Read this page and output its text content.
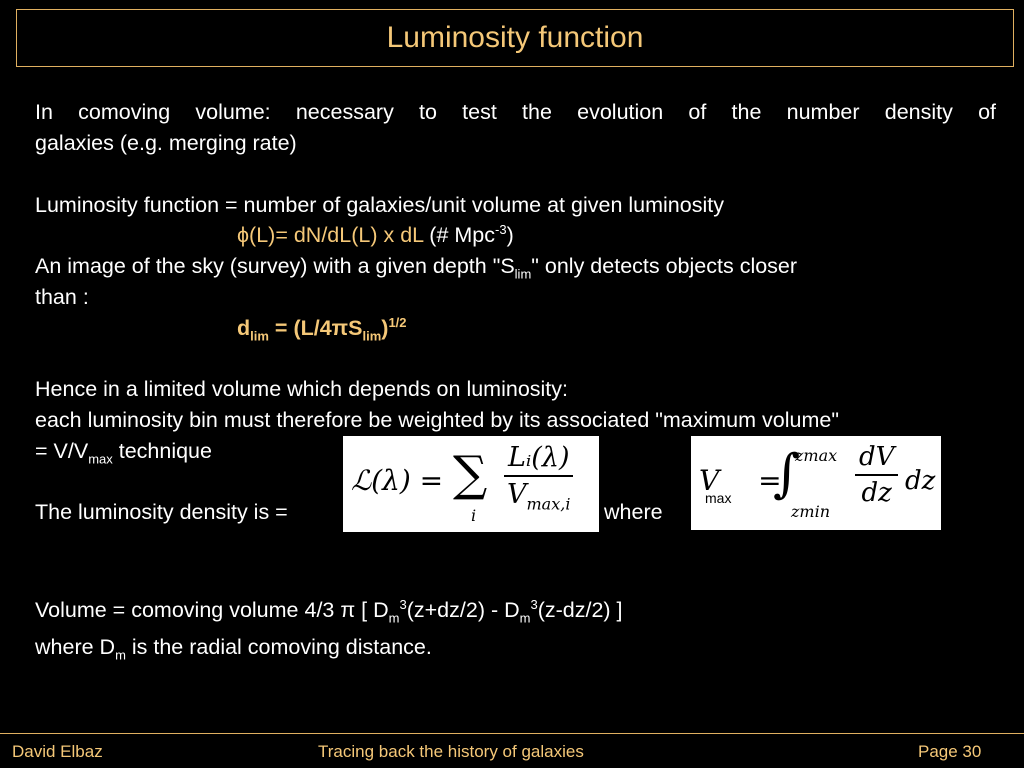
Luminosity function
In comoving volume: necessary to test the evolution of the number density of
galaxies (e.g. merging rate)
Luminosity function = number of galaxies/unit volume at given luminosity
ϕ(L)= dN/dL(L) x dL (# Mpc$^{-3}$)
An image of the sky (survey) with a given depth "$S_{lim}$" only detects objects closer
than :
$d_{lim} = (L/4\pi S_{lim})^{1/2}$
Hence in a limited volume which depends on luminosity:
each luminosity bin must therefore be weighted by its associated "maximum volume"
= $V/V_{max}$ technique
The luminosity density is =
ℒ(λ) = ∑
i
Lᵢ(λ)
$V_{max,i}$ where
V =
max ∫
zmax
zmin
$\frac{dV}{dz}$ dz
Volume = comoving volume 4/3 π [ $D_m^3(z+dz/2) - D_m^3(z-dz/2)$ ]
where $D_m$ is the radial comoving distance.
David Elbaz	Tracing back the history of galaxies	Page 30
